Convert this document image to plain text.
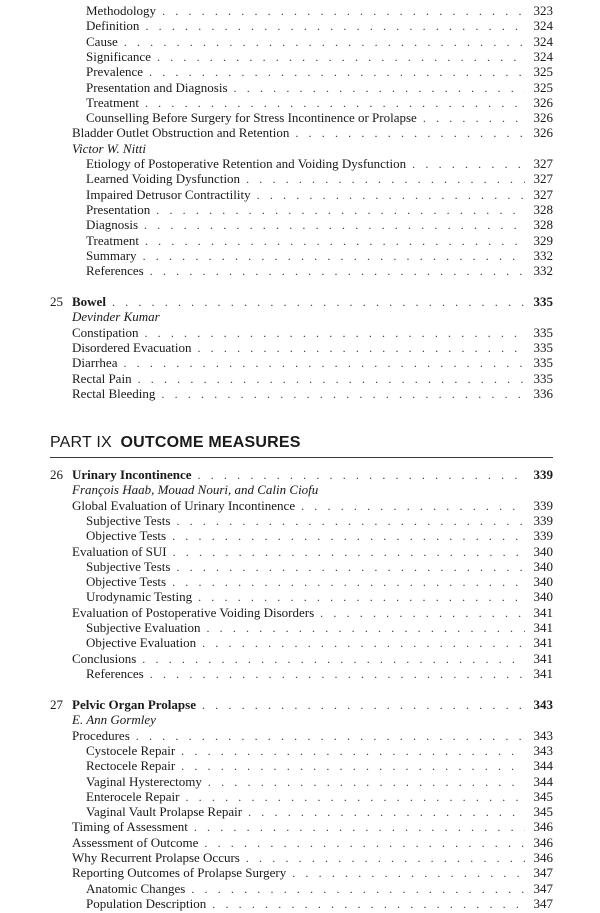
Methodology . . .	323
Definition . . .	324
Cause . . .	324
Significance . . .	324
Prevalence . . .	325
Presentation and Diagnosis . . .	325
Treatment . . .	326
Counselling Before Surgery for Stress Incontinence or Prolapse . . .	326
Bladder Outlet Obstruction and Retention . . .	326
Victor W. Nitti
Etiology of Postoperative Retention and Voiding Dysfunction . . .	327
Learned Voiding Dysfunction . . .	327
Impaired Detrusor Contractility . . .	327
Presentation . . .	328
Diagnosis . . .	328
Treatment . . .	329
Summary . . .	332
References . . .	332
25 Bowel . . .	335
Devinder Kumar
Constipation . . .	335
Disordered Evacuation . . .	335
Diarrhea . . .	335
Rectal Pain . . .	335
Rectal Bleeding . . .	336
26 Urinary Incontinence . . .	339
François Haab, Mouad Nouri, and Calin Ciofu
Global Evaluation of Urinary Incontinence . . .	339
Subjective Tests . . .	339
Objective Tests . . .	339
Evaluation of SUI . . .	340
Subjective Tests . . .	340
Objective Tests . . .	340
Urodynamic Testing . . .	340
Evaluation of Postoperative Voiding Disorders . . .	341
Subjective Evaluation . . .	341
Objective Evaluation . . .	341
Conclusions . . .	341
References . . .	341
27 Pelvic Organ Prolapse . . .	343
E. Ann Gormley
Procedures . . .	343
Cystocele Repair . . .	343
Rectocele Repair . . .	344
Vaginal Hysterectomy . . .	344
Enterocele Repair . . .	345
Vaginal Vault Prolapse Repair . . .	345
Timing of Assessment . . .	346
Assessment of Outcome . . .	346
Why Recurrent Prolapse Occurs . . .	346
Reporting Outcomes of Prolapse Surgery . . .	347
Anatomic Changes . . .	347
Population Description . . .	347
PART IX OUTCOME MEASURES
